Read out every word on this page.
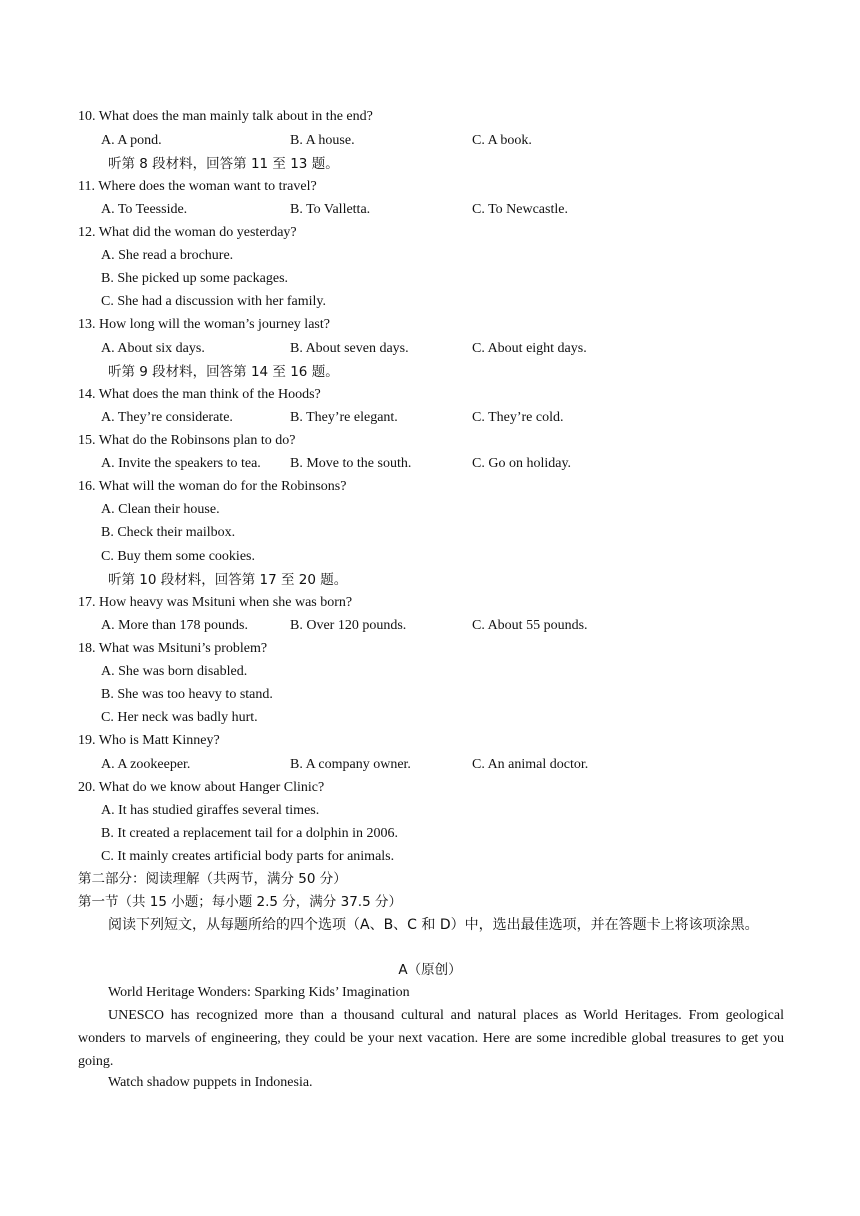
10. What does the man mainly talk about in the end?
A. A pond.	B. A house.	C. A book.
听第 8 段材料，回答第 11 至 13 题。
11. Where does the woman want to travel?
A. To Teesside.	B. To Valletta.	C. To Newcastle.
12. What did the woman do yesterday?
A. She read a brochure.
B. She picked up some packages.
C. She had a discussion with her family.
13. How long will the woman’s journey last?
A. About six days.	B. About seven days.	C. About eight days.
听第 9 段材料，回答第 14 至 16 题。
14. What does the man think of the Hoods?
A. They’re considerate.	B. They’re elegant.	C. They’re cold.
15. What do the Robinsons plan to do?
A. Invite the speakers to tea. B. Move to the south.	C. Go on holiday.
16. What will the woman do for the Robinsons?
A. Clean their house.
B. Check their mailbox.
C. Buy them some cookies.
听第 10 段材料，回答第 17 至 20 题。
17. How heavy was Msituni when she was born?
A. More than 178 pounds.	B. Over 120 pounds.	C. About 55 pounds.
18. What was Msituni’s problem?
A. She was born disabled.
B. She was too heavy to stand.
C. Her neck was badly hurt.
19. Who is Matt Kinney?
A. A zookeeper.	B. A company owner.	C. An animal doctor.
20. What do we know about Hanger Clinic?
A. It has studied giraffes several times.
B. It created a replacement tail for a dolphin in 2006.
C. It mainly creates artificial body parts for animals.
第二部分：阅读理解（共两节，满分 50 分）
第一节（共 15 小题；每小题 2.5 分，满分 37.5 分）
阅读下列短文，从每题所给的四个选项（A、B、C 和 D）中，选出最佳选项，并在答题卡上将该项涂黑。
A（原创）
World Heritage Wonders: Sparking Kids’ Imagination
UNESCO has recognized more than a thousand cultural and natural places as World Heritages. From geological wonders to marvels of engineering, they could be your next vacation. Here are some incredible global treasures to get you going.
Watch shadow puppets in Indonesia.
